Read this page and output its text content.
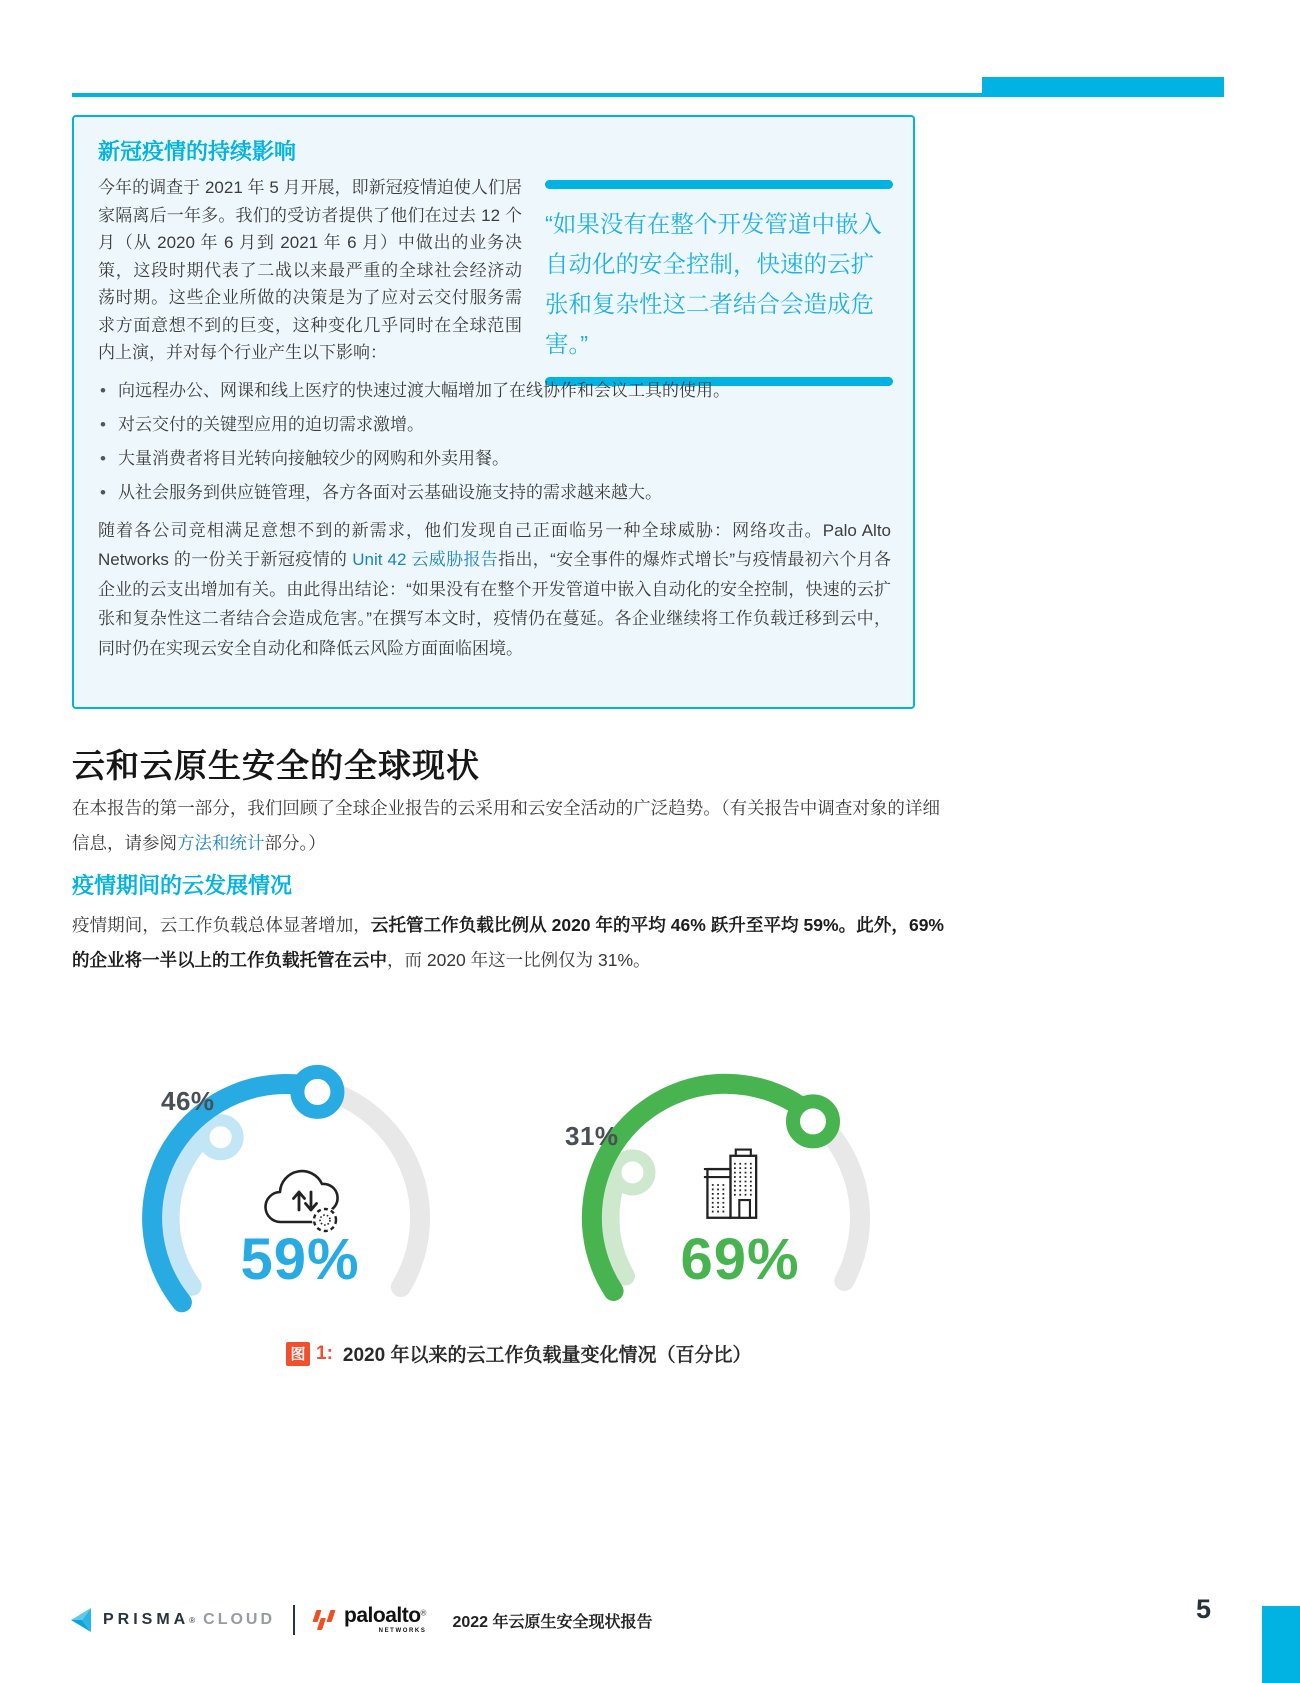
新冠疫情的持续影响
今年的调查于 2021 年 5 月开展，即新冠疫情迫使人们居家隔离后一年多。我们的受访者提供了他们在过去 12 个月（从 2020 年 6 月到 2021 年 6 月）中做出的业务决策，这段时期代表了二战以来最严重的全球社会经济动荡时期。这些企业所做的决策是为了应对云交付服务需求方面意想不到的巨变，这种变化几乎同时在全球范围内上演，并对每个行业产生以下影响：
“如果没有在整个开发管道中嵌入自动化的安全控制，快速的云扩张和复杂性这二者结合会造成危害。”
• 向远程办公、网课和线上医疗的快速过渡大幅增加了在线协作和会议工具的使用。
• 对云交付的关键型应用的迫切需求激增。
• 大量消费者将目光转向接触较少的网购和外卖用餐。
• 从社会服务到供应链管理，各方各面对云基础设施支持的需求越来越大。
随着各公司竞相满足意想不到的新需求，他们发现自己正面临另一种全球威胁：网络攻击。Palo Alto Networks 的一份关于新冠疫情的 Unit 42 云威胁报告指出，“安全事件的爆炸式增长”与疫情最初六个月各企业的云支出增加有关。由此得出结论：“如果没有在整个开发管道中嵌入自动化的安全控制，快速的云扩张和复杂性这二者结合会造成危害。”在撰写本文时，疫情仍在蔓延。各企业继续将工作负载迁移到云中，同时仍在实现云安全自动化和降低云风险方面面临困境。
云和云原生安全的全球现状
在本报告的第一部分，我们回顾了全球企业报告的云采用和云安全活动的广泛趋势。（有关报告中调查对象的详细信息，请参阅方法和统计部分。）
疫情期间的云发展情况
疫情期间，云工作负载总体显著增加，云托管工作负载比例从 2020 年的平均 46% 跃升至平均 59%。此外，69% 的企业将一半以上的工作负载托管在云中，而 2020 年这一比例仅为 31%。
46%
59%
31%
69%
图 1: 2020 年以来的云工作负载量变化情况（百分比）
PRISMA ® CLOUD	paloalto®
NETWORKS 2022 年云原生安全现状报告	5
